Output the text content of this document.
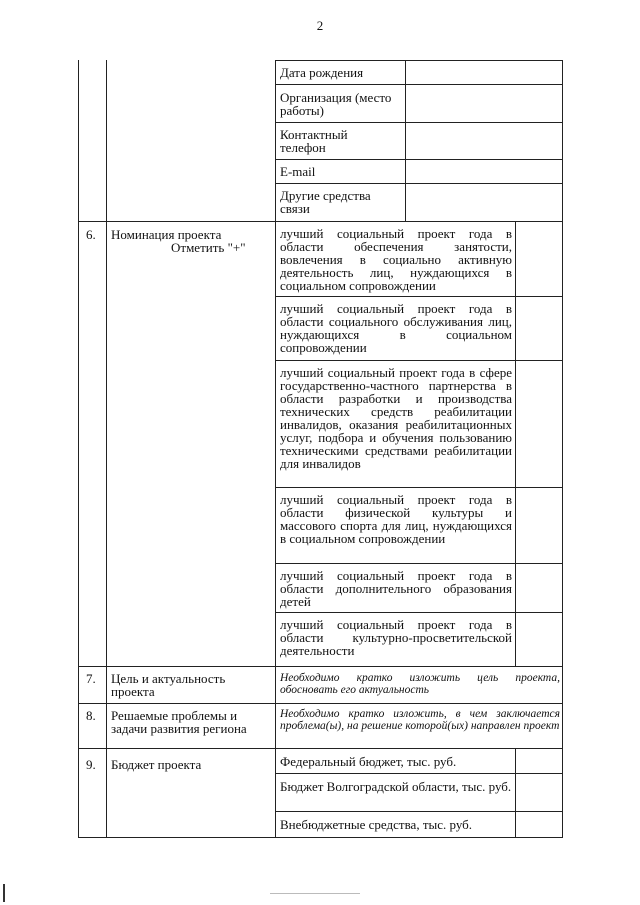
2
Дата рождения
Организация (место работы)
Контактный телефон
E-mail
Другие средства связи
6. Номинация проекта
Отметить "+"
лучший социальный проект года в области обеспечения занятости, вовлечения в социально активную деятельность лиц, нуждающихся в социальном сопровождении
лучший социальный проект года в области социального обслуживания лиц, нуждающихся в социальном сопровождении
лучший социальный проект года в сфере государственно-частного партнерства в области разработки и производства технических средств реабилитации инвалидов, оказания реабилитационных услуг, подбора и обучения пользованию техническими средствами реабилитации для инвалидов
лучший социальный проект года в области физической культуры и массового спорта для лиц, нуждающихся в социальном сопровождении
лучший социальный проект года в области дополнительного образования детей
лучший социальный проект года в области культурно-просветительской деятельности
7. Цель и актуальность проекта
Необходимо кратко изложить цель проекта, обосновать его актуальность
8. Решаемые проблемы и задачи развития региона
Необходимо кратко изложить, в чем заключается проблема(ы), на решение которой(ых) направлен проект
9. Бюджет проекта	Федеральный бюджет, тыс. руб.
Бюджет Волгоградской области, тыс. руб.
Внебюджетные средства, тыс. руб.
